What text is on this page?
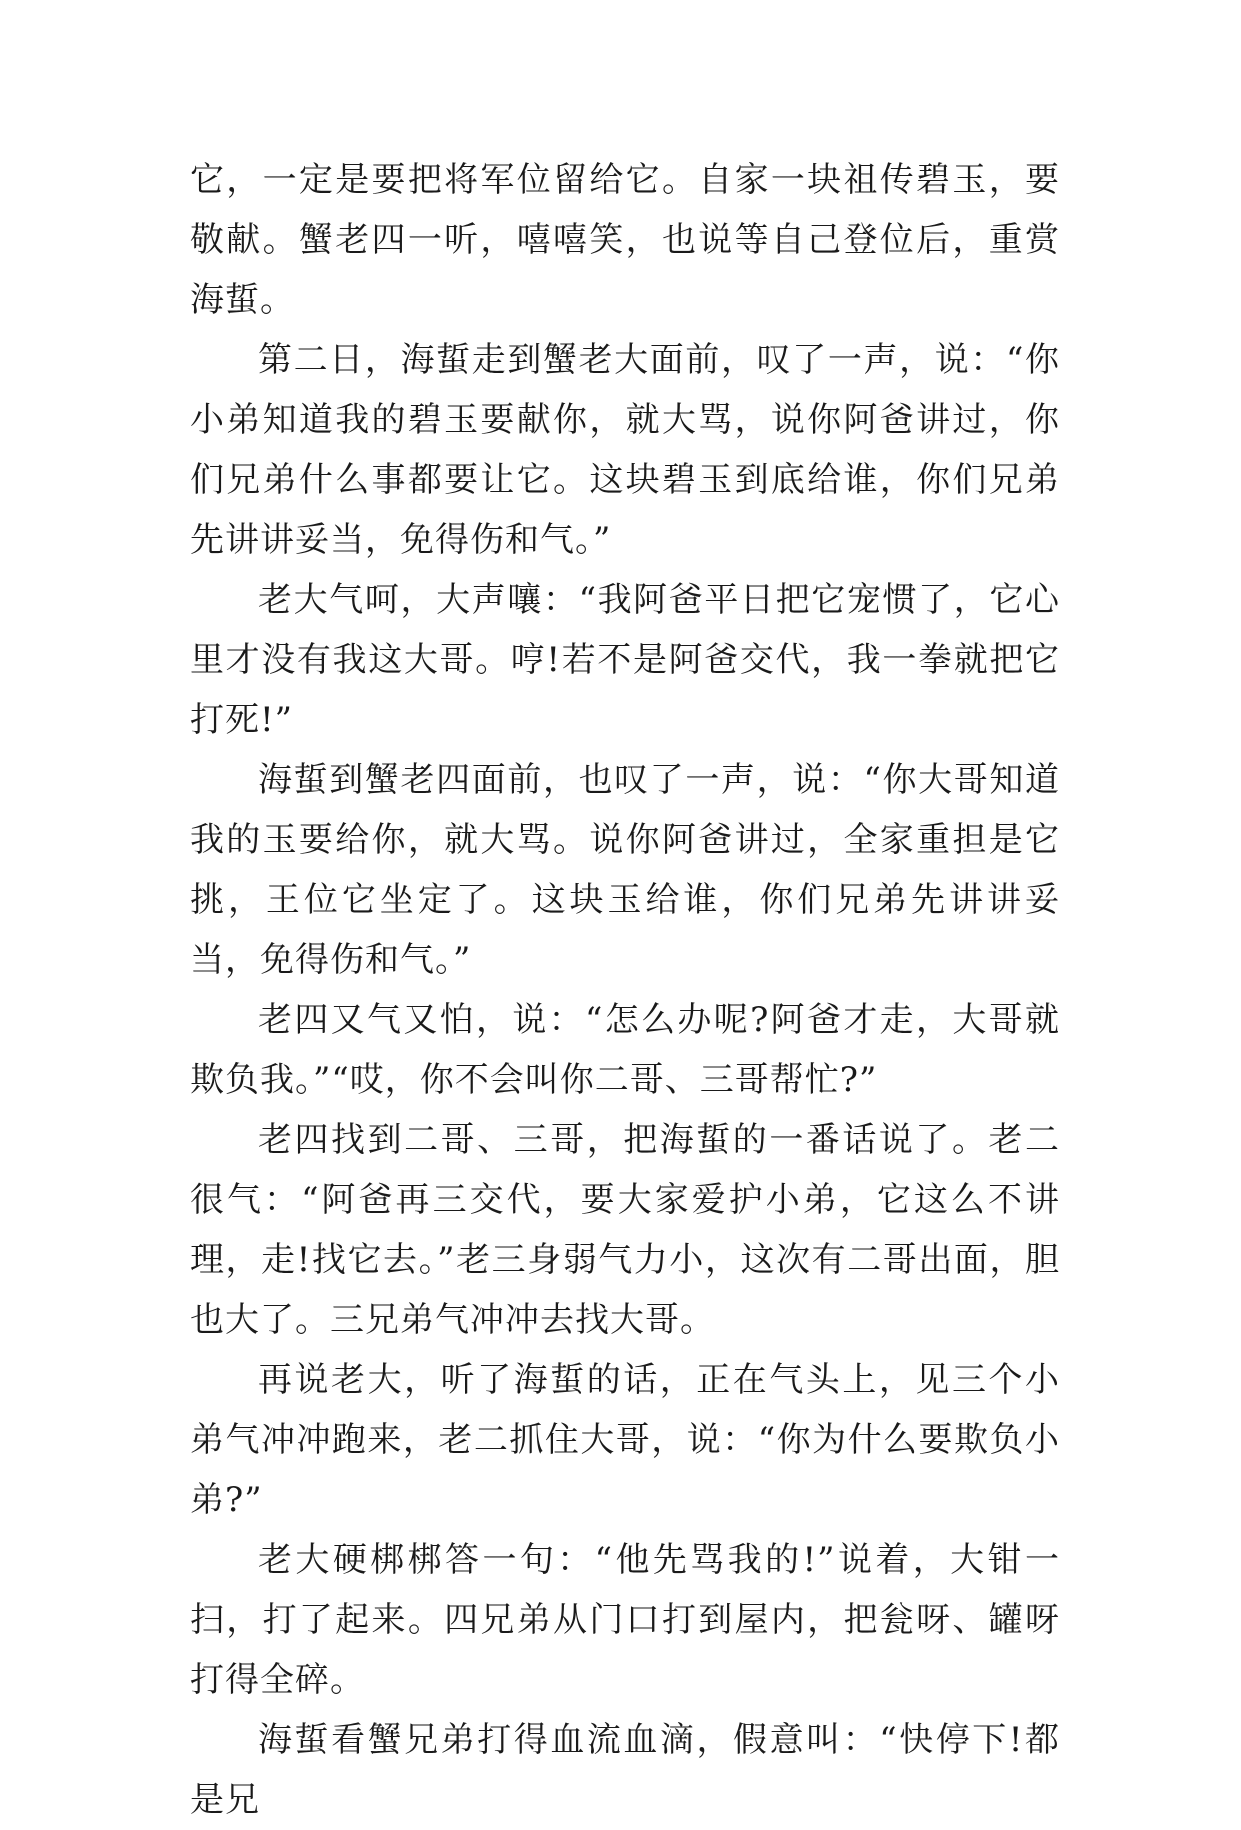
它，一定是要把将军位留给它。自家一块祖传碧玉，要敬献。蟹老四一听，嘻嘻笑，也说等自己登位后，重赏海蜇。

第二日，海蜇走到蟹老大面前，叹了一声，说：“你小弟知道我的碧玉要献你，就大骂，说你阿爸讲过，你们兄弟什么事都要让它。这块碧玉到底给谁，你们兄弟先讲讲妥当，免得伤和气。”

老大气呵，大声嚷：“我阿爸平日把它宠惯了，它心里才没有我这大哥。哼!若不是阿爸交代，我一拳就把它打死!”

海蜇到蟹老四面前，也叹了一声，说：“你大哥知道我的玉要给你，就大骂。说你阿爸讲过，全家重担是它挑，王位它坐定了。这块玉给谁，你们兄弟先讲讲妥当，免得伤和气。”

老四又气又怕，说：“怎么办呢?阿爸才走，大哥就欺负我。”“哎，你不会叫你二哥、三哥帮忙?”

老四找到二哥、三哥，把海蜇的一番话说了。老二很气：“阿爸再三交代，要大家爱护小弟，它这么不讲理，走!找它去。”老三身弱气力小，这次有二哥出面，胆也大了。三兄弟气冲冲去找大哥。

再说老大，听了海蜇的话，正在气头上，见三个小弟气冲冲跑来，老二抓住大哥，说：“你为什么要欺负小弟?”

老大硬梆梆答一句：“他先骂我的!”说着，大钳一扫，打了起来。四兄弟从门口打到屋内，把瓮呀、罐呀打得全碎。

海蜇看蟹兄弟打得血流血滴，假意叫：“快停下!都是兄
